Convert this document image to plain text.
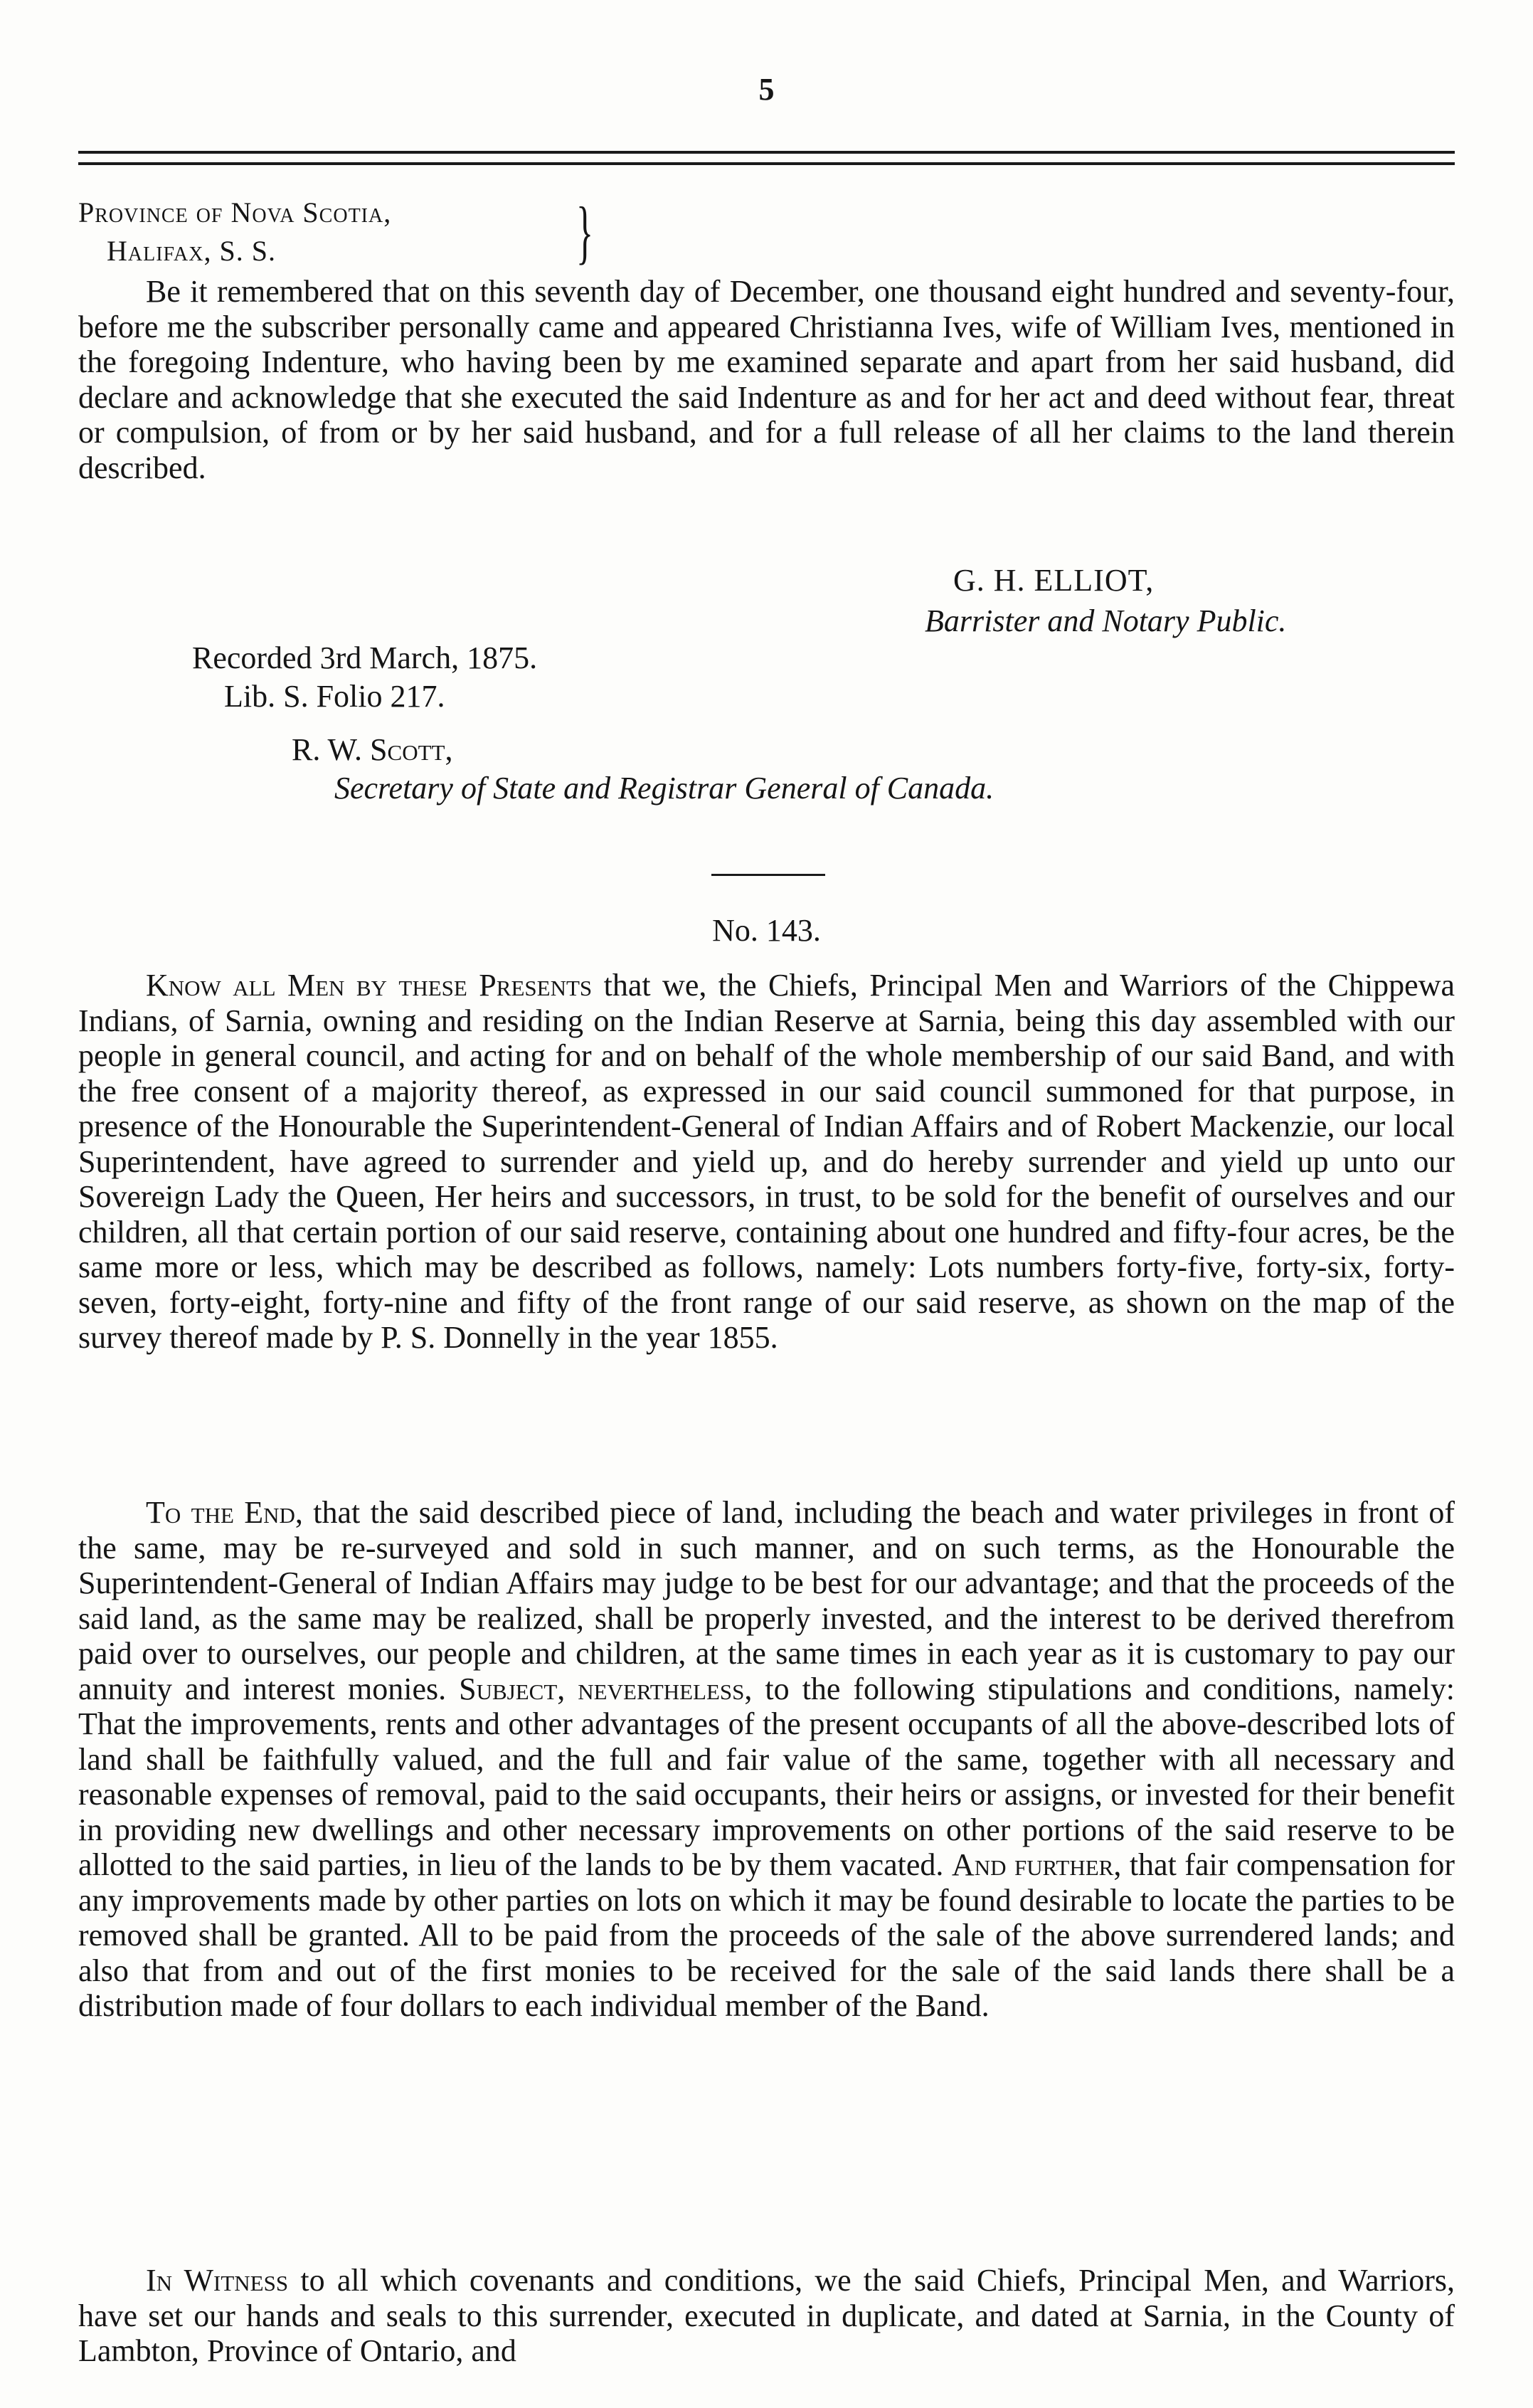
5
Province of Nova Scotia,
Halifax, S. S.	}

Be it remembered that on this seventh day of December, one thousand eight hundred and seventy-four, before me the subscriber personally came and appeared Christianna Ives, wife of William Ives, mentioned in the foregoing Indenture, who having been by me examined separate and apart from her said husband, did declare and acknowledge that she executed the said Indenture as and for her act and deed without fear, threat or compulsion, of from or by her said husband, and for a full release of all her claims to the land therein described.

G. H. ELLIOT,
Barrister and Notary Public.
Recorded 3rd March, 1875.
Lib. S. Folio 217.
R. W. Scott,
Secretary of State and Registrar General of Canada.
No. 143.

Know all Men by these Presents that we, the Chiefs, Principal Men and Warriors of the Chippewa Indians, of Sarnia, owning and residing on the Indian Reserve at Sarnia, being this day assembled with our people in general council, and acting for and on behalf of the whole membership of our said Band, and with the free consent of a majority thereof, as expressed in our said council summoned for that purpose, in presence of the Honourable the Superintendent-General of Indian Affairs and of Robert Mackenzie, our local Superintendent, have agreed to surrender and yield up, and do hereby surrender and yield up unto our Sovereign Lady the Queen, Her heirs and successors, in trust, to be sold for the benefit of ourselves and our children, all that certain portion of our said reserve, containing about one hundred and fifty-four acres, be the same more or less, which may be described as follows, namely: Lots numbers forty-five, forty-six, forty-seven, forty-eight, forty-nine and fifty of the front range of our said reserve, as shown on the map of the survey thereof made by P. S. Donnelly in the year 1855.

To the End, that the said described piece of land, including the beach and water privileges in front of the same, may be re-surveyed and sold in such manner, and on such terms, as the Honourable the Superintendent-General of Indian Affairs may judge to be best for our advantage; and that the proceeds of the said land, as the same may be realized, shall be properly invested, and the interest to be derived therefrom paid over to ourselves, our people and children, at the same times in each year as it is customary to pay our annuity and interest monies. Subject, nevertheless, to the following stipulations and conditions, namely: That the improvements, rents and other advantages of the present occupants of all the above-described lots of land shall be faithfully valued, and the full and fair value of the same, together with all necessary and reasonable expenses of removal, paid to the said occupants, their heirs or assigns, or invested for their benefit in providing new dwellings and other necessary improvements on other portions of the said reserve to be allotted to the said parties, in lieu of the lands to be by them vacated. And further, that fair compensation for any improvements made by other parties on lots on which it may be found desirable to locate the parties to be removed shall be granted. All to be paid from the proceeds of the sale of the above surrendered lands; and also that from and out of the first monies to be received for the sale of the said lands there shall be a distribution made of four dollars to each individual member of the Band.

In Witness to all which covenants and conditions, we the said Chiefs, Principal Men, and Warriors, have set our hands and seals to this surrender, executed in duplicate, and dated at Sarnia, in the County of Lambton, Province of Ontario, and
